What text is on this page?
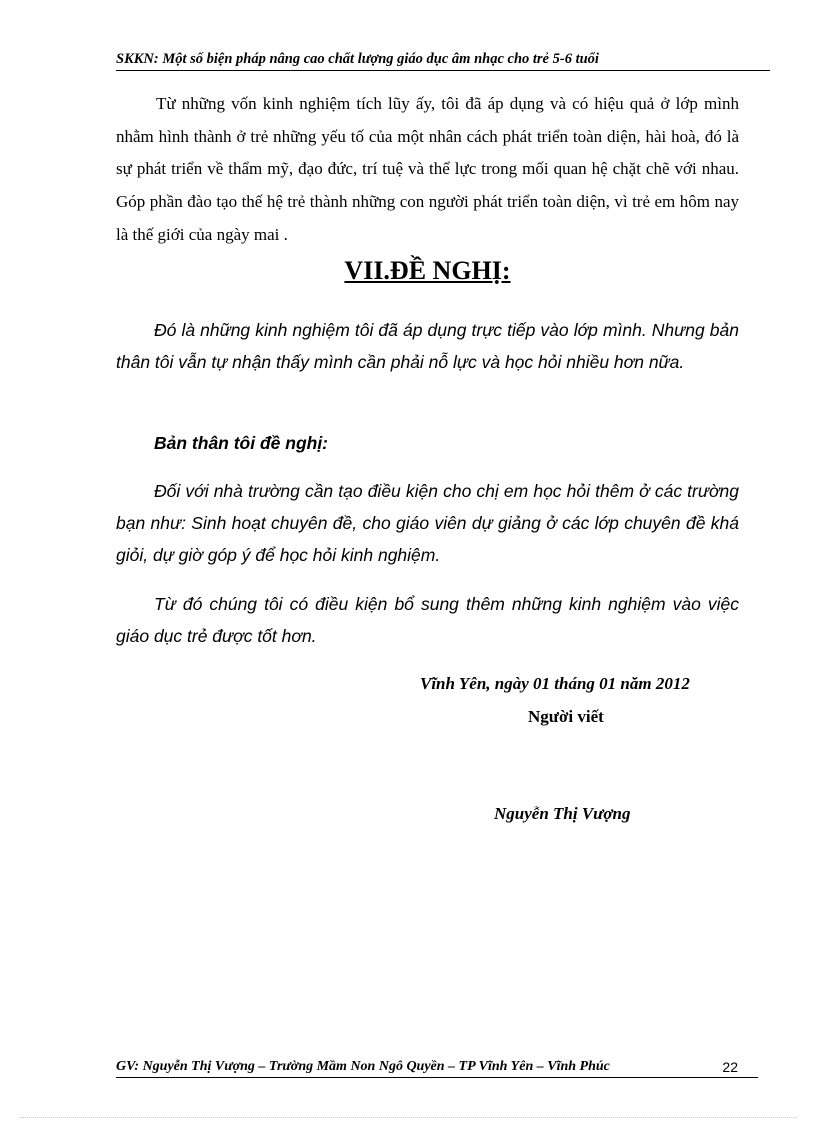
SKKN: Một số biện pháp nâng cao chất lượng giáo dục âm nhạc cho trẻ 5-6 tuổi

Từ những vốn kinh nghiệm tích lũy ấy, tôi đã áp dụng và có hiệu quả ở lớp mình nhằm hình thành ở trẻ những yếu tố của một nhân cách phát triển toàn diện, hài hoà, đó là sự phát triển về thẩm mỹ, đạo đức, trí tuệ và thể lực trong mối quan hệ chặt chẽ với nhau. Góp phần đào tạo thế hệ trẻ thành những con người phát triển toàn diện, vì trẻ em hôm nay là thế giới của ngày mai .

VII.ĐỀ NGHỊ:

Đó là những kinh nghiệm tôi đã áp dụng trực tiếp vào lớp mình. Nhưng bản thân tôi vẫn tự nhận thấy mình cần phải nỗ lực và học hỏi nhiều hơn nữa.

Bản thân tôi đề nghị:

Đối với nhà trường cần tạo điều kiện cho chị em học hỏi thêm ở các trường bạn như: Sinh hoạt chuyên đề, cho giáo viên dự giảng ở các lớp chuyên đề khá giỏi, dự giờ góp ý để học hỏi kinh nghiệm.

Từ đó chúng tôi có điều kiện bổ sung thêm những kinh nghiệm vào việc giáo dục trẻ được tốt hơn.

Vĩnh Yên, ngày 01 tháng 01 năm 2012
Người viết
Nguyễn Thị Vượng
GV: Nguyễn Thị Vượng – Trường Mầm Non Ngô Quyền – TP Vĩnh Yên – Vĩnh Phúc	22
